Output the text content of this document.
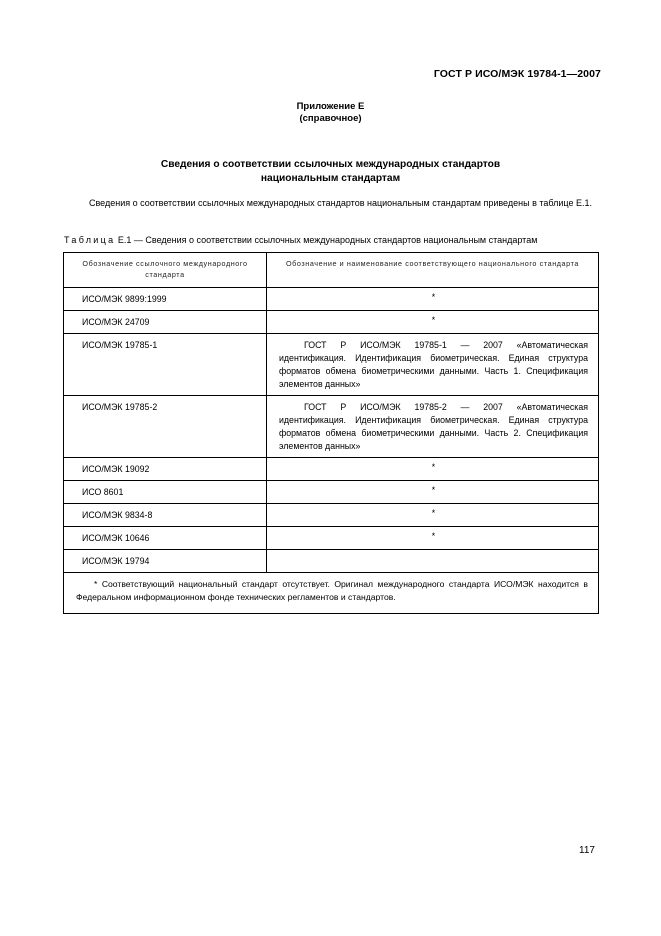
ГОСТ Р ИСО/МЭК 19784-1—2007
Приложение Е
(справочное)
Сведения о соответствии ссылочных международных стандартов
национальным стандартам
Сведения о соответствии ссылочных международных стандартов национальным стандартам приведены в таблице Е.1.
Таблица Е.1 — Сведения о соответствии ссылочных международных стандартов национальным стандартам
Обозначение ссылочного международного стандарта	Обозначение и наименование соответствующего национального стандарта
ИСО/МЭК 9899:1999	*
ИСО/МЭК 24709	*
ИСО/МЭК 19785-1	ГОСТ Р ИСО/МЭК 19785-1 — 2007 «Автоматическая идентификация. Идентификация биометрическая. Единая структура форматов обмена биометрическими данными. Часть 1. Спецификация элементов данных»
ИСО/МЭК 19785-2	ГОСТ Р ИСО/МЭК 19785-2 — 2007 «Автоматическая идентификация. Идентификация биометрическая. Единая структура форматов обмена биометрическими данными. Часть 2. Спецификация элементов данных»
ИСО/МЭК 19092	*
ИСО 8601	*
ИСО/МЭК 9834-8	*
ИСО/МЭК 10646	*
ИСО/МЭК 19794	
* Соответствующий национальный стандарт отсутствует. Оригинал международного стандарта ИСО/МЭК находится в Федеральном информационном фонде технических регламентов и стандартов.	
117
